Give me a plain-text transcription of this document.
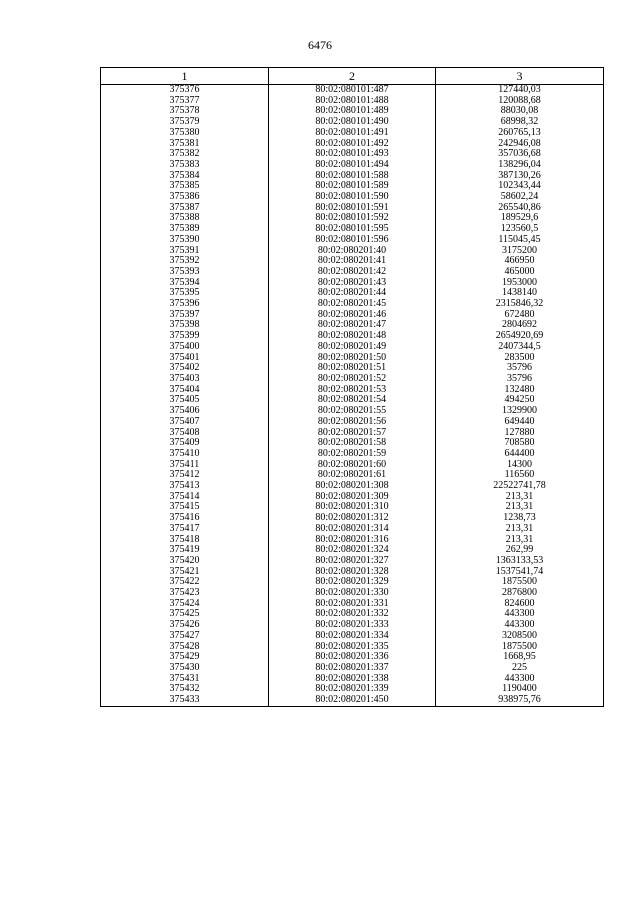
6476
1	2	3
375376	80:02:080101:487	127440,03
375377	80:02:080101:488	120088,68
375378	80:02:080101:489	88030,08
375379	80:02:080101:490	68998,32
375380	80:02:080101:491	260765,13
375381	80:02:080101:492	242946,08
375382	80:02:080101:493	357036,68
375383	80:02:080101:494	138296,04
375384	80:02:080101:588	387130,26
375385	80:02:080101:589	102343,44
375386	80:02:080101:590	58602,24
375387	80:02:080101:591	265540,86
375388	80:02:080101:592	189529,6
375389	80:02:080101:595	123560,5
375390	80:02:080101:596	115045,45
375391	80:02:080201:40	3175200
375392	80:02:080201:41	466950
375393	80:02:080201:42	465000
375394	80:02:080201:43	1953000
375395	80:02:080201:44	1438140
375396	80:02:080201:45	2315846,32
375397	80:02:080201:46	672480
375398	80:02:080201:47	2804692
375399	80:02:080201:48	2654920,69
375400	80:02:080201:49	2407344,5
375401	80:02:080201:50	283500
375402	80:02:080201:51	35796
375403	80:02:080201:52	35796
375404	80:02:080201:53	132480
375405	80:02:080201:54	494250
375406	80:02:080201:55	1329900
375407	80:02:080201:56	649440
375408	80:02:080201:57	127880
375409	80:02:080201:58	708580
375410	80:02:080201:59	644400
375411	80:02:080201:60	14300
375412	80:02:080201:61	116560
375413	80:02:080201:308	22522741,78
375414	80:02:080201:309	213,31
375415	80:02:080201:310	213,31
375416	80:02:080201:312	1238,73
375417	80:02:080201:314	213,31
375418	80:02:080201:316	213,31
375419	80:02:080201:324	262,99
375420	80:02:080201:327	1363133,53
375421	80:02:080201:328	1537541,74
375422	80:02:080201:329	1875500
375423	80:02:080201:330	2876800
375424	80:02:080201:331	824600
375425	80:02:080201:332	443300
375426	80:02:080201:333	443300
375427	80:02:080201:334	3208500
375428	80:02:080201:335	1875500
375429	80:02:080201:336	1668,95
375430	80:02:080201:337	225
375431	80:02:080201:338	443300
375432	80:02:080201:339	1190400
375433	80:02:080201:450	938975,76
